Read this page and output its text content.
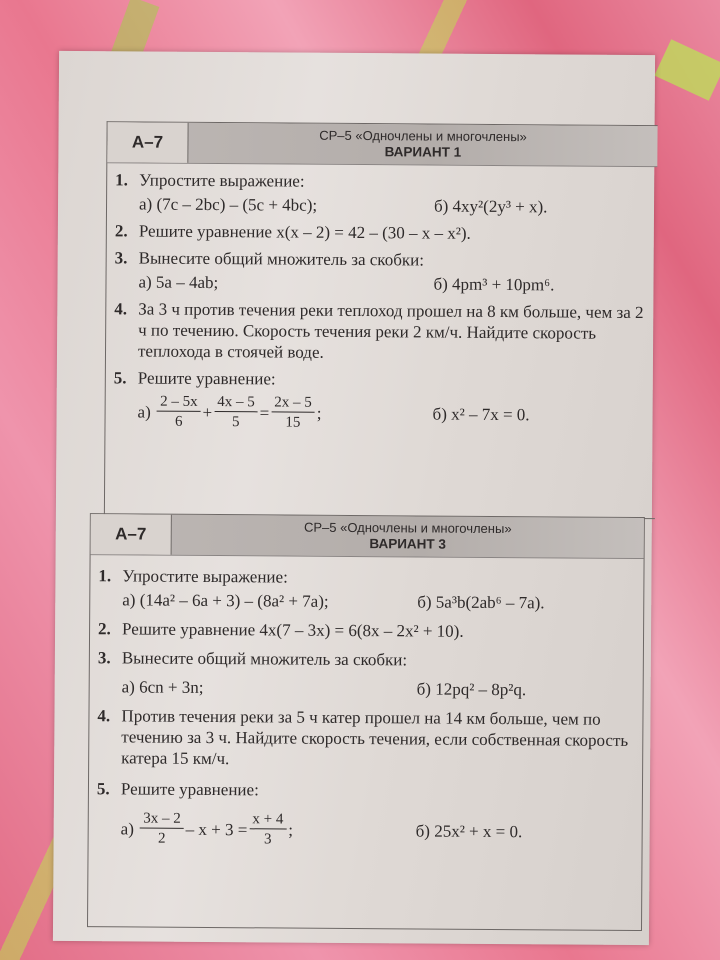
А–7	СР–5 «Одночлены и многочлены»
ВАРИАНТ 1
1. Упростите выражение:
а) (7c – 2bc) – (5c + 4bc);	б) 4xy²(2y³ + x).
2. Решите уравнение x(x – 2) = 42 – (30 – x – x²).
3. Вынесите общий множитель за скобки:
а) 5a – 4ab;	б) 4pm³ + 10pm⁶.
4. За 3 ч против течения реки теплоход прошел на 8 км больше, чем за 2 ч по течению. Скорость течения реки 2 км/ч. Найдите скорость теплохода в стоячей воде.
5. Решите уравнение:
а)
$\frac{2 - 5x}{6} + \frac{4x - 5}{5} = \frac{2x - 5}{15}$ ;	б) x² – 7x = 0.
А–7	СР–5 «Одночлены и многочлены»
ВАРИАНТ 3
1. Упростите выражение:
а) (14a² – 6a + 3) – (8a² + 7a);	б) 5a³b(2ab⁶ – 7a).
2. Решите уравнение 4x(7 – 3x) = 6(8x – 2x² + 10).
3. Вынесите общий множитель за скобки:
а) 6cn + 3n;	б) 12pq² – 8p²q.
4. Против течения реки за 5 ч катер прошел на 14 км больше, чем по течению за 3 ч. Найдите скорость течения, если собственная скорость катера 15 км/ч.
5. Решите уравнение:
а)
$\frac{3x - 2}{2} - x + 3 = \frac{x + 4}{3}$ ;	б) 25x² + x = 0.
